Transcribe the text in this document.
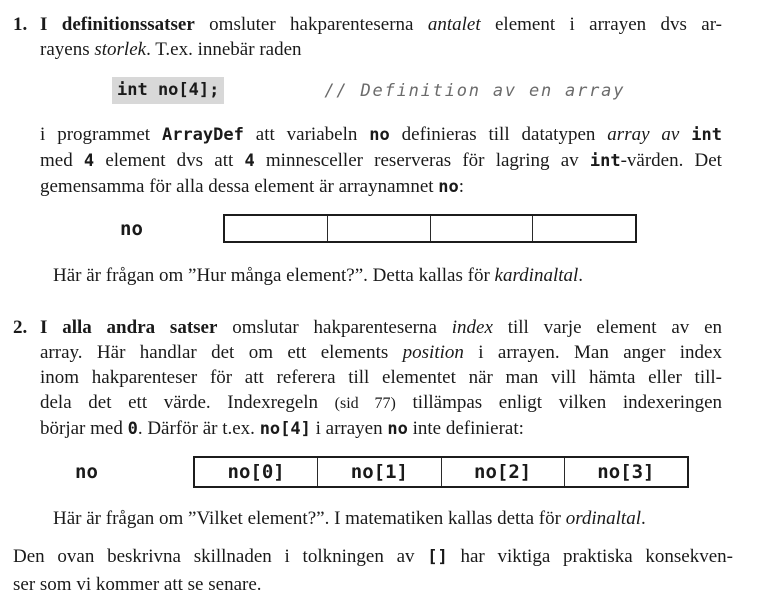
1. I definitionssatser omsluter hakparenteserna antalet element i arrayen dvs ar-
rayens storlek. T.ex. innebär raden
int no[4];	// Definition av en array
i programmet ArrayDef att variabeln no definieras till datatypen array av int
med 4 element dvs att 4 minnesceller reserveras för lagring av int-värden. Det
gemensamma för alla dessa element är arraynamnet no:
no
Här är frågan om ”Hur många element?”. Detta kallas för kardinaltal.
2. I alla andra satser omslutar hakparenteserna index till varje element av en
array. Här handlar det om ett elements position i arrayen. Man anger index
inom hakparenteser för att referera till elementet när man vill hämta eller till-
dela det ett värde. Indexregeln (sid 77) tillämpas enligt vilken indexeringen
börjar med 0. Därför är t.ex. no[4] i arrayen no inte definierat:
no	no[0]	no[1]	no[2]	no[3]
Här är frågan om ”Vilket element?”. I matematiken kallas detta för ordinaltal.
Den ovan beskrivna skillnaden i tolkningen av [] har viktiga praktiska konsekven-
ser som vi kommer att se senare.
